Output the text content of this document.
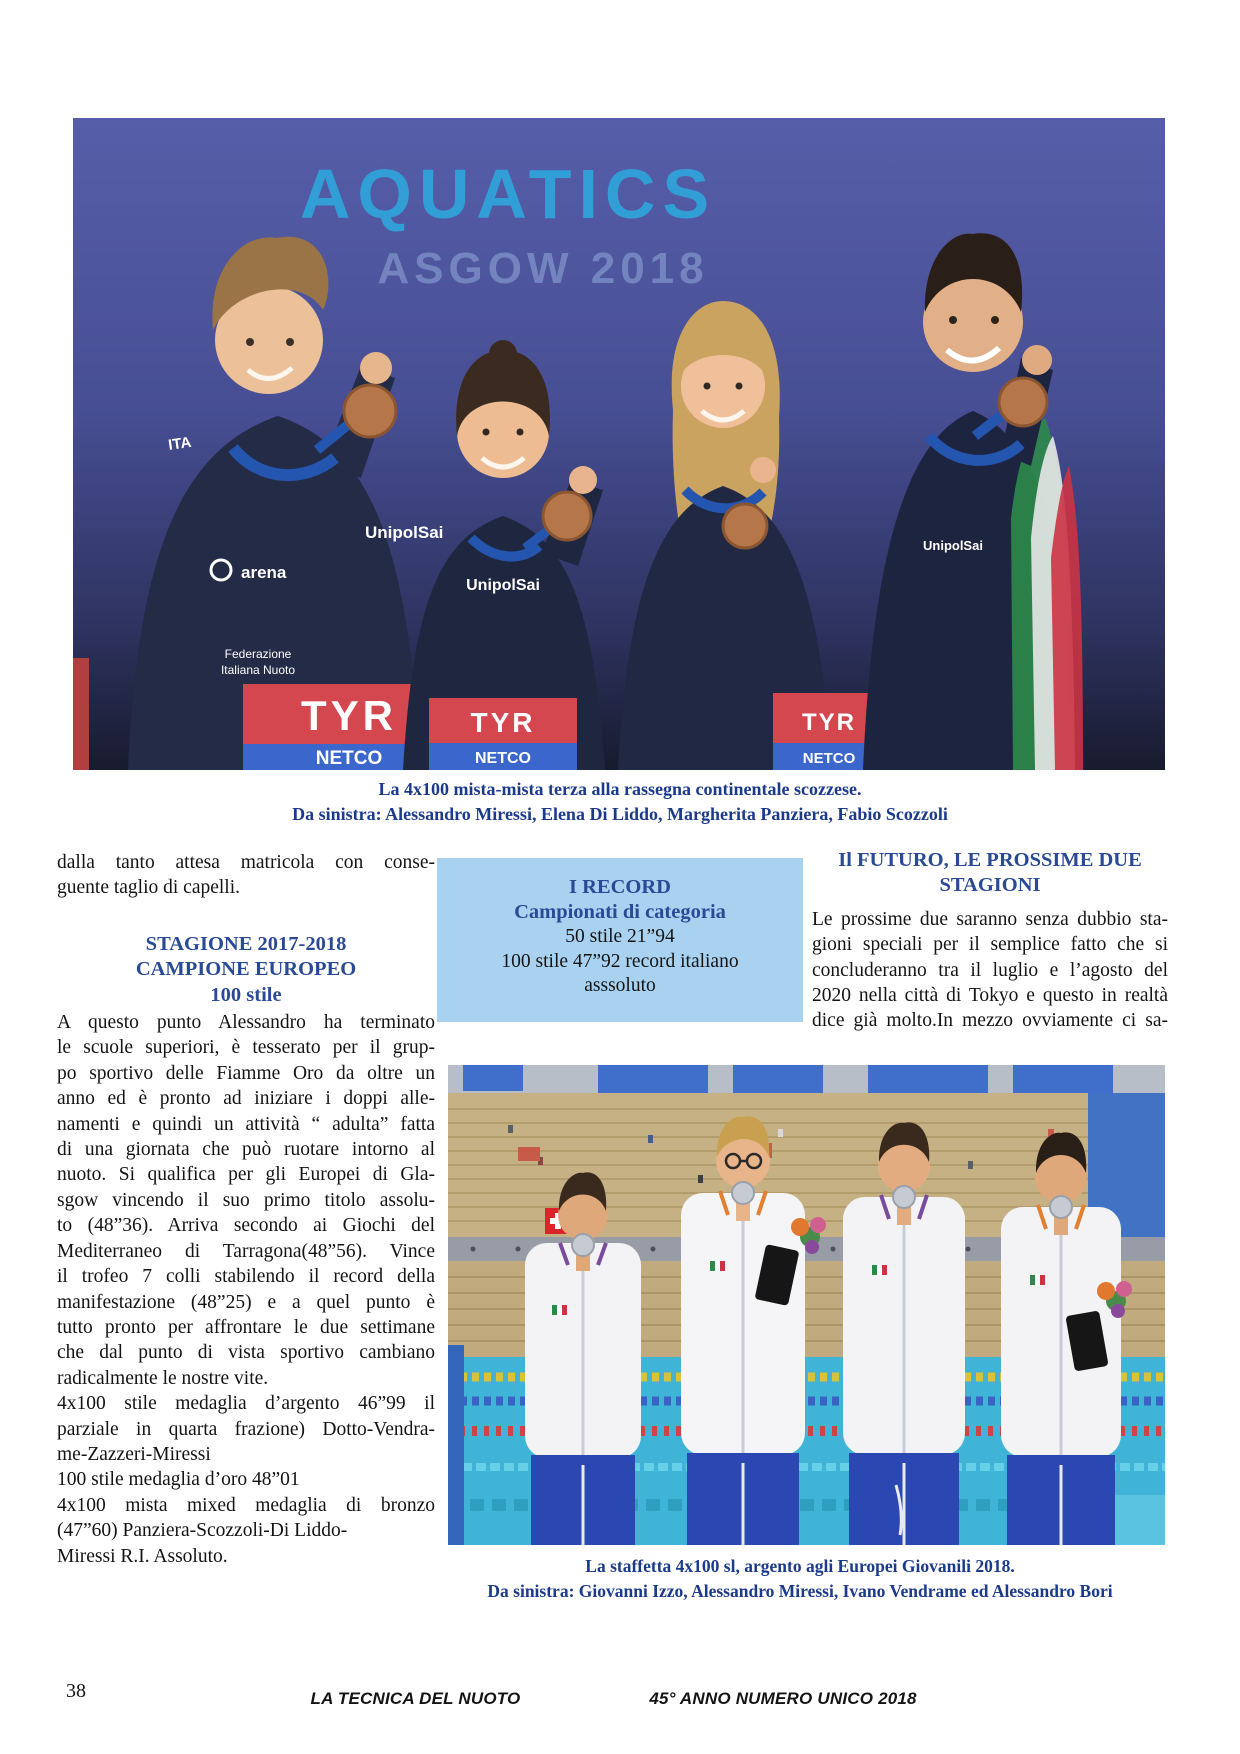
AQUATICS
ASGOW 2018
ITA
arena
UnipolSai
Federazione
Italiana Nuoto
TYR
NETCO
UnipolSai
TYR
NETCO
TYR
NETCO
UnipolSai
La 4x100 mista-mista terza alla rassegna continentale scozzese.
Da sinistra: Alessandro Miressi, Elena Di Liddo, Margherita Panziera, Fabio Scozzoli
dalla tanto attesa matricola con conse-
guente taglio di capelli.
STAGIONE 2017-2018
CAMPIONE EUROPEO
100 stile
A questo punto Alessandro ha terminato
le scuole superiori, è tesserato per il grup-
po sportivo delle Fiamme Oro da oltre un
anno ed è pronto ad iniziare i doppi alle-
namenti e quindi un attività “ adulta” fatta
di una giornata che può ruotare intorno al
nuoto. Si qualifica per gli Europei di Gla-
sgow vincendo il suo primo titolo assolu-
to (48”36). Arriva secondo ai Giochi del
Mediterraneo di Tarragona(48”56). Vince
il trofeo 7 colli stabilendo il record della
manifestazione (48”25) e a quel punto è
tutto pronto per affrontare le due settimane
che dal punto di vista sportivo cambiano
radicalmente le nostre vite.
4x100 stile medaglia d’argento 46”99 il
parziale in quarta frazione) Dotto-Vendra-
me-Zazzeri-Miressi
100 stile medaglia d’oro 48”01
4x100 mista mixed medaglia di bronzo
(47”60) Panziera-Scozzoli-Di Liddo-
Miressi R.I. Assoluto.
I RECORD
Campionati di categoria
50 stile 21”94
100 stile 47”92 record italiano
asssoluto
Il FUTURO, LE PROSSIME DUE
STAGIONI
Le prossime due saranno senza dubbio sta-
gioni speciali per il semplice fatto che si
concluderanno tra il luglio e l’agosto del
2020 nella città di Tokyo e questo in realtà
dice già molto.In mezzo ovviamente ci sa-
La staffetta 4x100 sl, argento agli Europei Giovanili 2018.
Da sinistra: Giovanni Izzo, Alessandro Miressi, Ivano Vendrame ed Alessandro Bori
38	LA TECNICA DEL NUOTO	45° ANNO NUMERO UNICO 2018
